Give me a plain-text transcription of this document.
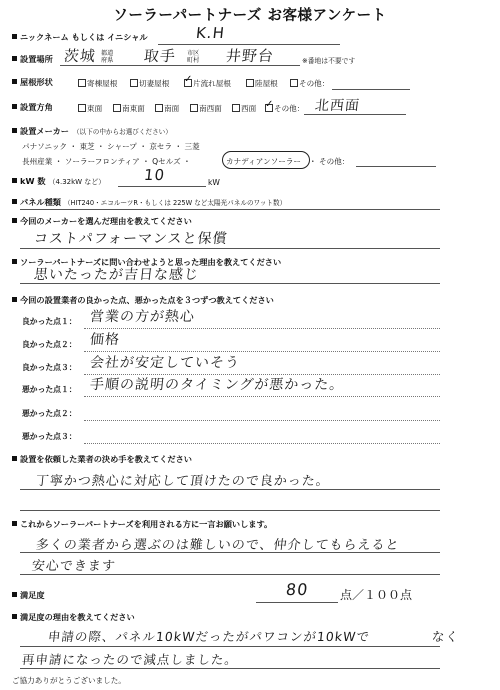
ソーラーパートナーズ お客様アンケート
ニックネーム もしくは イニシャル	K.H
設置場所 茨城 都道
府県 取手 市区
町村 井野台	※番地は不要です
屋根形状	寄棟屋根	切妻屋根 ✓	片流れ屋根	陸屋根	その他：
設置方角	東面	南東面	南面	南西面	西面 ✓	その他： 北西面
設置メーカー （以下の中からお選びください）
パナソニック ・ 東芝 ・ シャープ ・ 京セラ ・ 三菱
長州産業 ・ ソーラーフロンティア ・ Qセルズ ・	カナディアンソーラー ・ その他：
kW 数 （4.32kW など）	10	kW
パネル種類 （HIT240・エコルーツR・もしくは 225W など太陽光パネルのワット数）
今回のメーカーを選んだ理由を教えてください
コストパフォーマンスと保償
ソーラーパートナーズに問い合わせようと思った理由を教えてください
思いたったが吉日な感じ
今回の設置業者の良かった点、悪かった点を３つずつ教えてください
良かった点１： 営業の方が熱心
良かった点２： 価格
良かった点３： 会社が安定していそう
悪かった点１： 手順の説明のタイミングが悪かった。
悪かった点２：
悪かった点３：
設置を依頼した業者の決め手を教えてください
丁寧かつ熱心に対応して頂けたので良かった。
これからソーラーパートナーズを利用される方に一言お願いします。
多くの業者から選ぶのは難しいので、仲介してもらえると
安心できます
満足度	80	点／１００点
満足度の理由を教えてください
申請の際、パネル10kWだったがパワコンが10kWで	なく
再申請になったので減点しました。
ご協力ありがとうございました。
